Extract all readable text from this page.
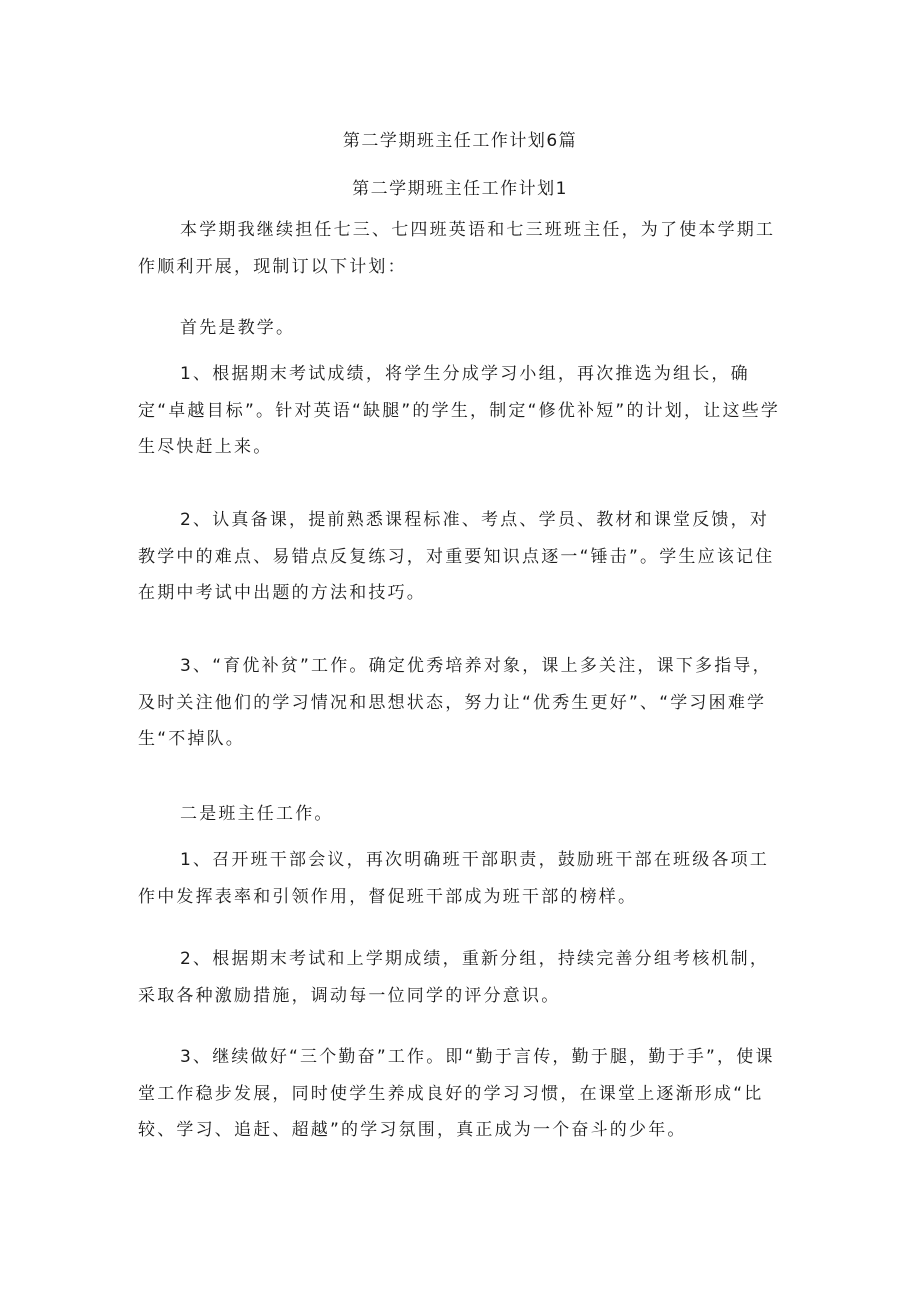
第二学期班主任工作计划6篇
第二学期班主任工作计划1

本学期我继续担任七三、七四班英语和七三班班主任，为了使本学期工作顺利开展，现制订以下计划：

首先是教学。

1、根据期末考试成绩，将学生分成学习小组，再次推选为组长，确定“卓越目标”。针对英语“缺腿”的学生，制定“修优补短”的计划，让这些学生尽快赶上来。

2、认真备课，提前熟悉课程标准、考点、学员、教材和课堂反馈，对教学中的难点、易错点反复练习，对重要知识点逐一“锤击”。学生应该记住在期中考试中出题的方法和技巧。

3、“育优补贫”工作。确定优秀培养对象，课上多关注，课下多指导，及时关注他们的学习情况和思想状态，努力让“优秀生更好”、“学习困难学生“不掉队。

二是班主任工作。

1、召开班干部会议，再次明确班干部职责，鼓励班干部在班级各项工作中发挥表率和引领作用，督促班干部成为班干部的榜样。

2、根据期末考试和上学期成绩，重新分组，持续完善分组考核机制，采取各种激励措施，调动每一位同学的评分意识。

3、继续做好“三个勤奋”工作。即“勤于言传，勤于腿，勤于手”，使课堂工作稳步发展，同时使学生养成良好的学习习惯，在课堂上逐渐形成“比较、学习、追赶、超越”的学习氛围，真正成为一个奋斗的少年。
